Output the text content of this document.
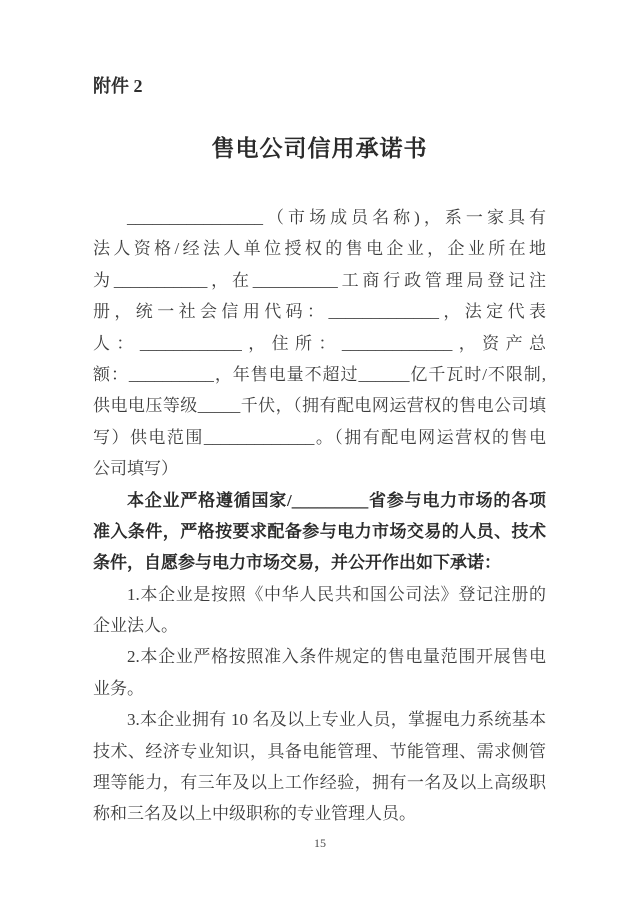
附件 2
售电公司信用承诺书
________________（市场成员名称)，系一家具有
法人资格/经法人单位授权的售电企业，企业所在地
为___________，在__________工商行政管理局登记注
册，统一社会信用代码：_____________，法定代表
人：____________，住所：_____________，资产总
额：__________，年售电量不超过______亿千瓦时/不限制,
供电电压等级_____千伏，（拥有配电网运营权的售电公司填
写）供电范围_____________。（拥有配电网运营权的售电
公司填写）
本企业严格遵循国家/_________省参与电力市场的各项
准入条件，严格按要求配备参与电力市场交易的人员、技术
条件，自愿参与电力市场交易，并公开作出如下承诺：
1.本企业是按照《中华人民共和国公司法》登记注册的
企业法人。
2.本企业严格按照准入条件规定的售电量范围开展售电
业务。
3.本企业拥有 10 名及以上专业人员，掌握电力系统基本
技术、经济专业知识，具备电能管理、节能管理、需求侧管
理等能力，有三年及以上工作经验，拥有一名及以上高级职
称和三名及以上中级职称的专业管理人员。
15
